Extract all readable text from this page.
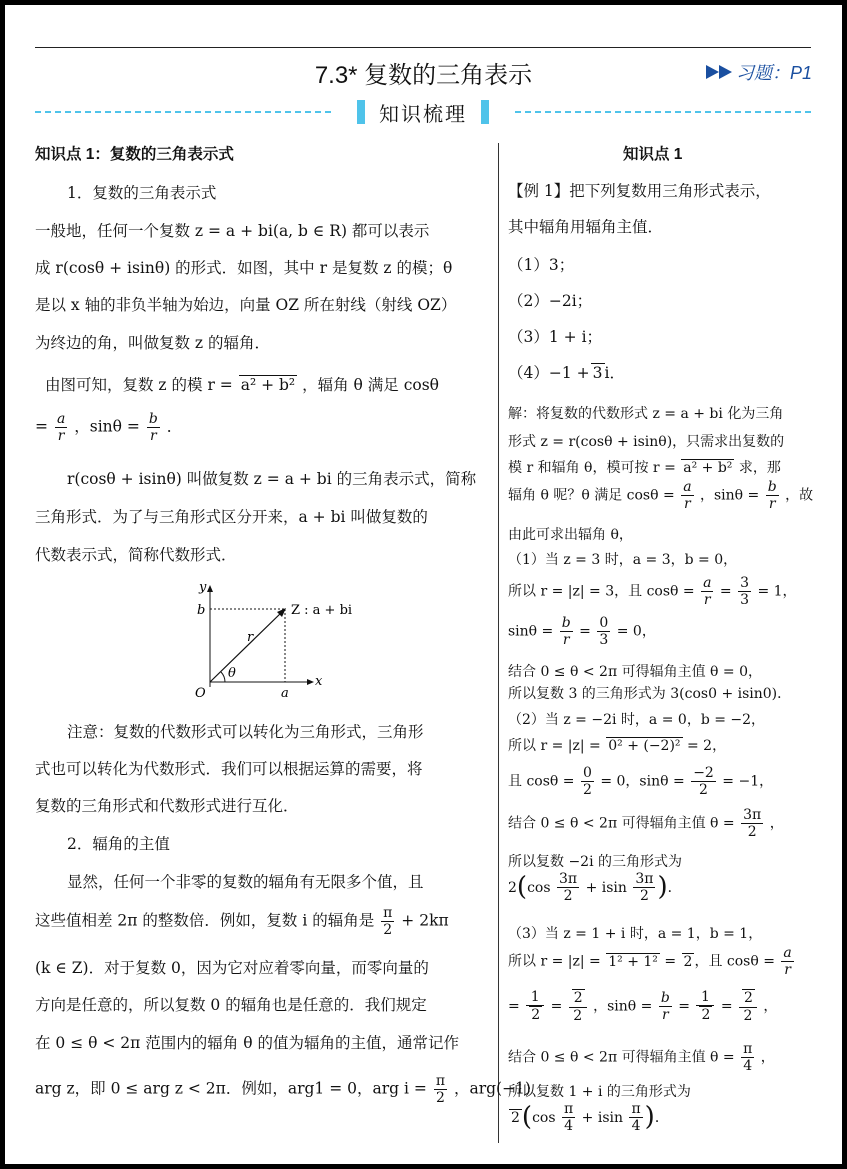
7.3* 复数的三角表示	习题：P1
知识梳理
知识点 1：复数的三角表示式
1．复数的三角表示式
一般地，任何一个复数 z = a + bi(a, b ∈ R) 都可以表示
成 r(cosθ + isinθ) 的形式．如图，其中 r 是复数 z 的模；θ
是以 x 轴的非负半轴为始边，向量 OZ 所在射线（射线 OZ）
为终边的角，叫做复数 z 的辐角．
由图可知，复数 z 的模 r = a² + b² ，辐角 θ 满足 cosθ
= $\frac{a}{r}$ ，$\sin\theta = \frac{b}{r}$ ．
r(cosθ + isinθ) 叫做复数 z = a + bi 的三角表示式，简称
三角形式．为了与三角形式区分开来，a + bi 叫做复数的
代数表示式，简称代数形式．
y
x
b
a
O
r
θ
Z : a + bi
注意：复数的代数形式可以转化为三角形式，三角形
式也可以转化为代数形式．我们可以根据运算的需要，将
复数的三角形式和代数形式进行互化．
2．辐角的主值
显然，任何一个非零的复数的辐角有无限多个值，且
这些值相差 2π 的整数倍．例如，复数 i 的辐角是 $\frac{\pi}{2} + 2k\pi$
(k ∈ Z)．对于复数 0，因为它对应着零向量，而零向量的
方向是任意的，所以复数 0 的辐角也是任意的．我们规定
在 0 ≤ θ < 2π 范围内的辐角 θ 的值为辐角的主值，通常记作
arg z，即 0 ≤ arg z < 2π．例如，arg1 = 0，arg $i = \frac{\pi}{2}$ ，arg(−1)
知识点 1
【例 1】把下列复数用三角形式表示，
其中辐角用辐角主值．
（1）3；
（2）−2i；
（3）1 + i；
（4）−1 + 3 i．
解：将复数的代数形式 z = a + bi 化为三角
形式 z = r(cosθ + isinθ)，只需求出复数的
模 r 和辐角 θ，模可按 r = a² + b² 求，那
辐角 θ 呢？θ 满足 $\cos\theta = \frac{a}{r}$ ，$\sin\theta = \frac{b}{r}$ ，故
由此可求出辐角 θ，
（1）当 z = 3 时，a = 3，b = 0，
所以 r = |z| = 3，且 $\cos\theta = \frac{a}{r} = \frac{3}{3} = 1$，
$\sin\theta = \frac{b}{r} = \frac{0}{3} = 0$，
结合 0 ≤ θ < 2π 可得辐角主值 θ = 0，
所以复数 3 的三角形式为 3(cos0 + isin0)．
（2）当 z = −2i 时，a = 0，b = −2，
所以 r = |z| = 0² + (−2)² = 2，
且 $\cos\theta = \frac{0}{2} = 0$，$\sin\theta = \frac{-2}{2} = -1$，
结合 0 ≤ θ < 2π 可得辐角主值 $\theta = \frac{3\pi}{2}$ ，
所以复数 −2i 的三角形式为
$2(\cos \frac{3\pi}{2} + isin \frac{3\pi}{2}$ )．
（3）当 z = 1 + i 时，a = 1，b = 1，
所以 r = |z| = 1² + 1² = 2 ，且 $\cos\theta = \frac{a}{r}$
= $\frac{1}{2} = \frac{2}{2}$ ，$\sin\theta = \frac{b}{r} = \frac{1}{2} = \frac{2}{2}$ ，
结合 0 ≤ θ < 2π 可得辐角主值 $\theta = \frac{\pi}{4}$ ，
所以复数 1 + i 的三角形式为
$2(\cos \frac{\pi}{4} + isin \frac{\pi}{4}$ )．
